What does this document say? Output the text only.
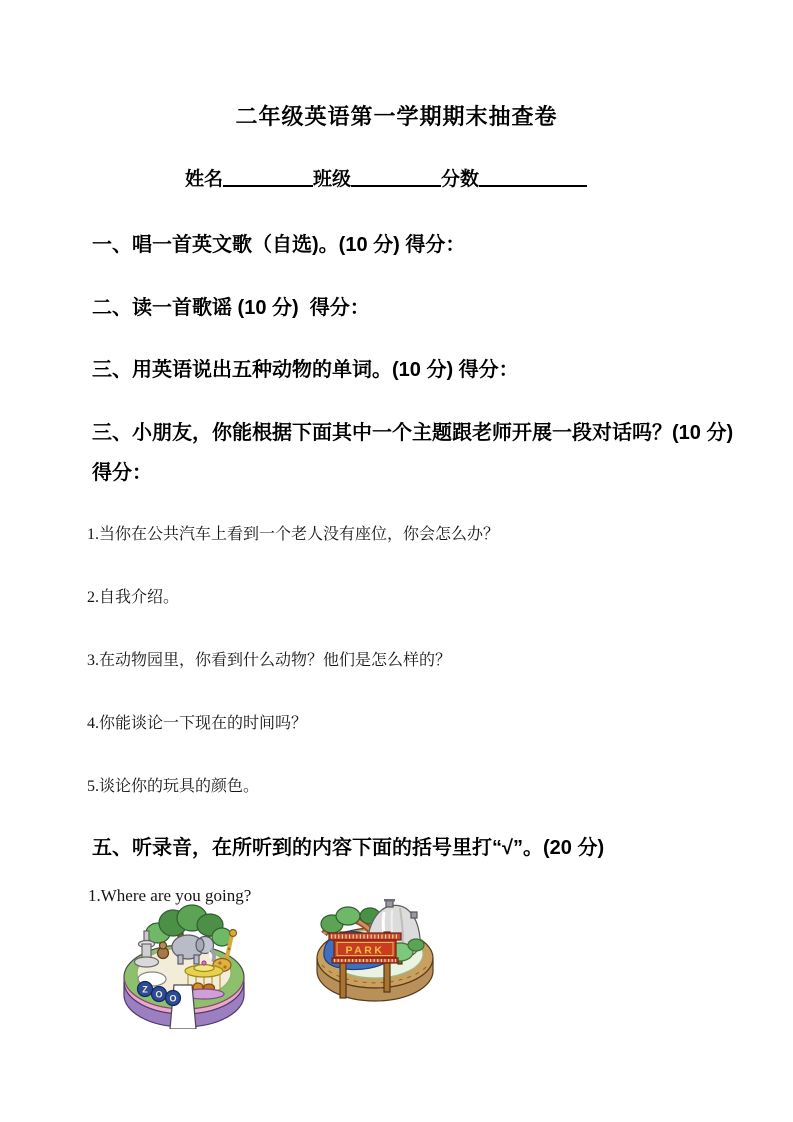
二年级英语第一学期期末抽查卷
姓名	班级	分数
一、唱一首英文歌（自选)。(10 分) 得分：
二、读一首歌谣 (10 分)  得分：
三、用英语说出五种动物的单词。(10 分) 得分：
三、小朋友，你能根据下面其中一个主题跟老师开展一段对话吗？(10 分)
得分：
1.当你在公共汽车上看到一个老人没有座位，你会怎么办？
2.自我介绍。
3.在动物园里，你看到什么动物？他们是怎么样的？
4.你能谈论一下现在的时间吗？
5.谈论你的玩具的颜色。
五、听录音，在所听到的内容下面的括号里打“√”。(20 分)
1.Where are you going?
Z O O
PARK
